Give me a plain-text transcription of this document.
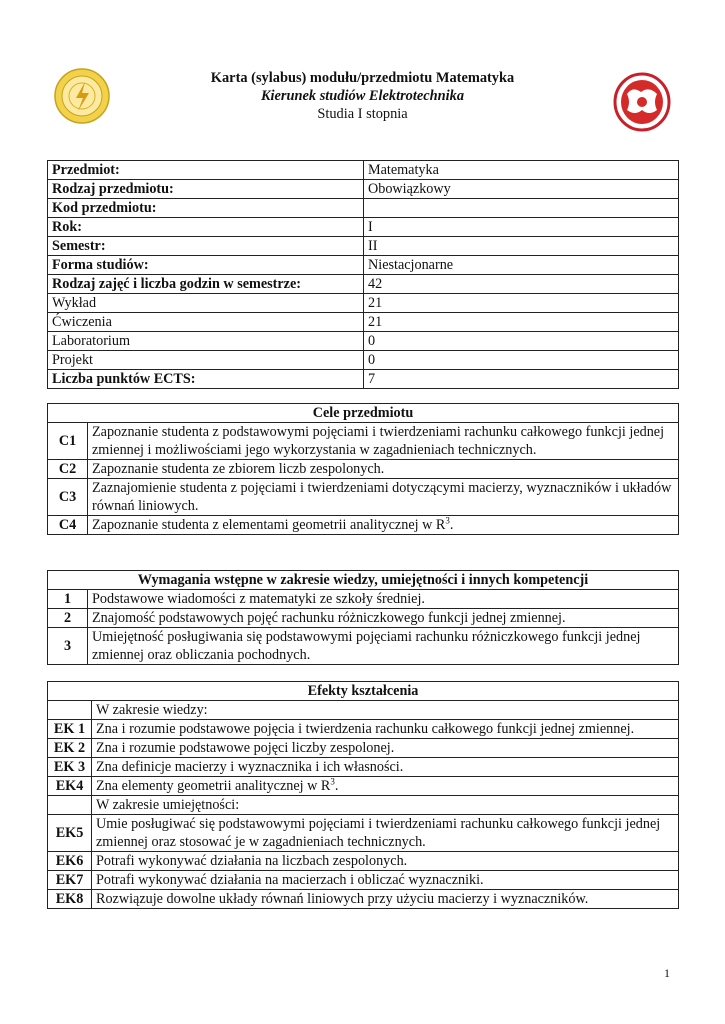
Karta (sylabus) modułu/przedmiotu Matematyka
Kierunek studiów Elektrotechnika
Studia I stopnia
Przedmiot:	Matematyka
Rodzaj przedmiotu:	Obowiązkowy
Kod przedmiotu:	
Rok:	I
Semestr:	II
Forma studiów:	Niestacjonarne
Rodzaj zajęć i liczba godzin w semestrze:	42
Wykład	21
Ćwiczenia	21
Laboratorium	0
Projekt	0
Liczba punktów ECTS:	7
Cele przedmiotu	
C1	Zapoznanie studenta z podstawowymi pojęciami i twierdzeniami rachunku całkowego funkcji jednej zmiennej i możliwościami jego wykorzystania w zagadnieniach technicznych.
C2	Zapoznanie studenta ze zbiorem liczb zespolonych.
C3	Zaznajomienie studenta z pojęciami i twierdzeniami dotyczącymi macierzy, wyznaczników i układów równań liniowych.
C4	Zapoznanie studenta z elementami geometrii analitycznej w $R^3$.
Wymagania wstępne w zakresie wiedzy, umiejętności i innych kompetencji	
1	Podstawowe wiadomości z matematyki ze szkoły średniej.
2	Znajomość podstawowych pojęć rachunku różniczkowego funkcji jednej zmiennej.
3	Umiejętność posługiwania się podstawowymi pojęciami rachunku różniczkowego funkcji jednej zmiennej oraz obliczania pochodnych.
Efekty kształcenia	
	W zakresie wiedzy:
EK 1	Zna i rozumie podstawowe pojęcia i twierdzenia rachunku całkowego funkcji jednej zmiennej.
EK 2	Zna i rozumie podstawowe pojęci liczby zespolonej.
EK 3	Zna definicje macierzy i wyznacznika i ich własności.
EK4	Zna elementy geometrii analitycznej w $R^3$.
	W zakresie umiejętności:
EK5	Umie posługiwać się podstawowymi pojęciami i twierdzeniami rachunku całkowego funkcji jednej zmiennej oraz stosować je w zagadnieniach technicznych.
EK6	Potrafi wykonywać działania na liczbach zespolonych.
EK7	Potrafi wykonywać działania na macierzach i obliczać wyznaczniki.
EK8	Rozwiązuje dowolne układy równań liniowych przy użyciu macierzy i wyznaczników.
1
